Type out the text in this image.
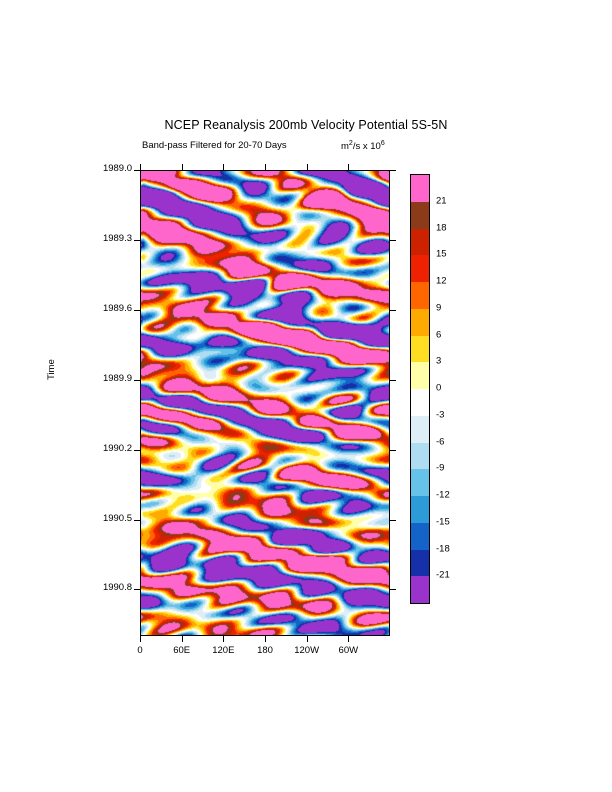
NCEP Reanalysis 200mb Velocity Potential 5S-5N
Band-pass Filtered for 20-70 Days	$m^2/s$ x $10^6$
Time
1989.0
1989.3
1989.6
1989.9
1990.2
1990.5
1990.8
0	60E 120E 180 120W 60W
21
18
15
12
9
6
3
0
-3
-6
-9
-12
-15
-18
-21
